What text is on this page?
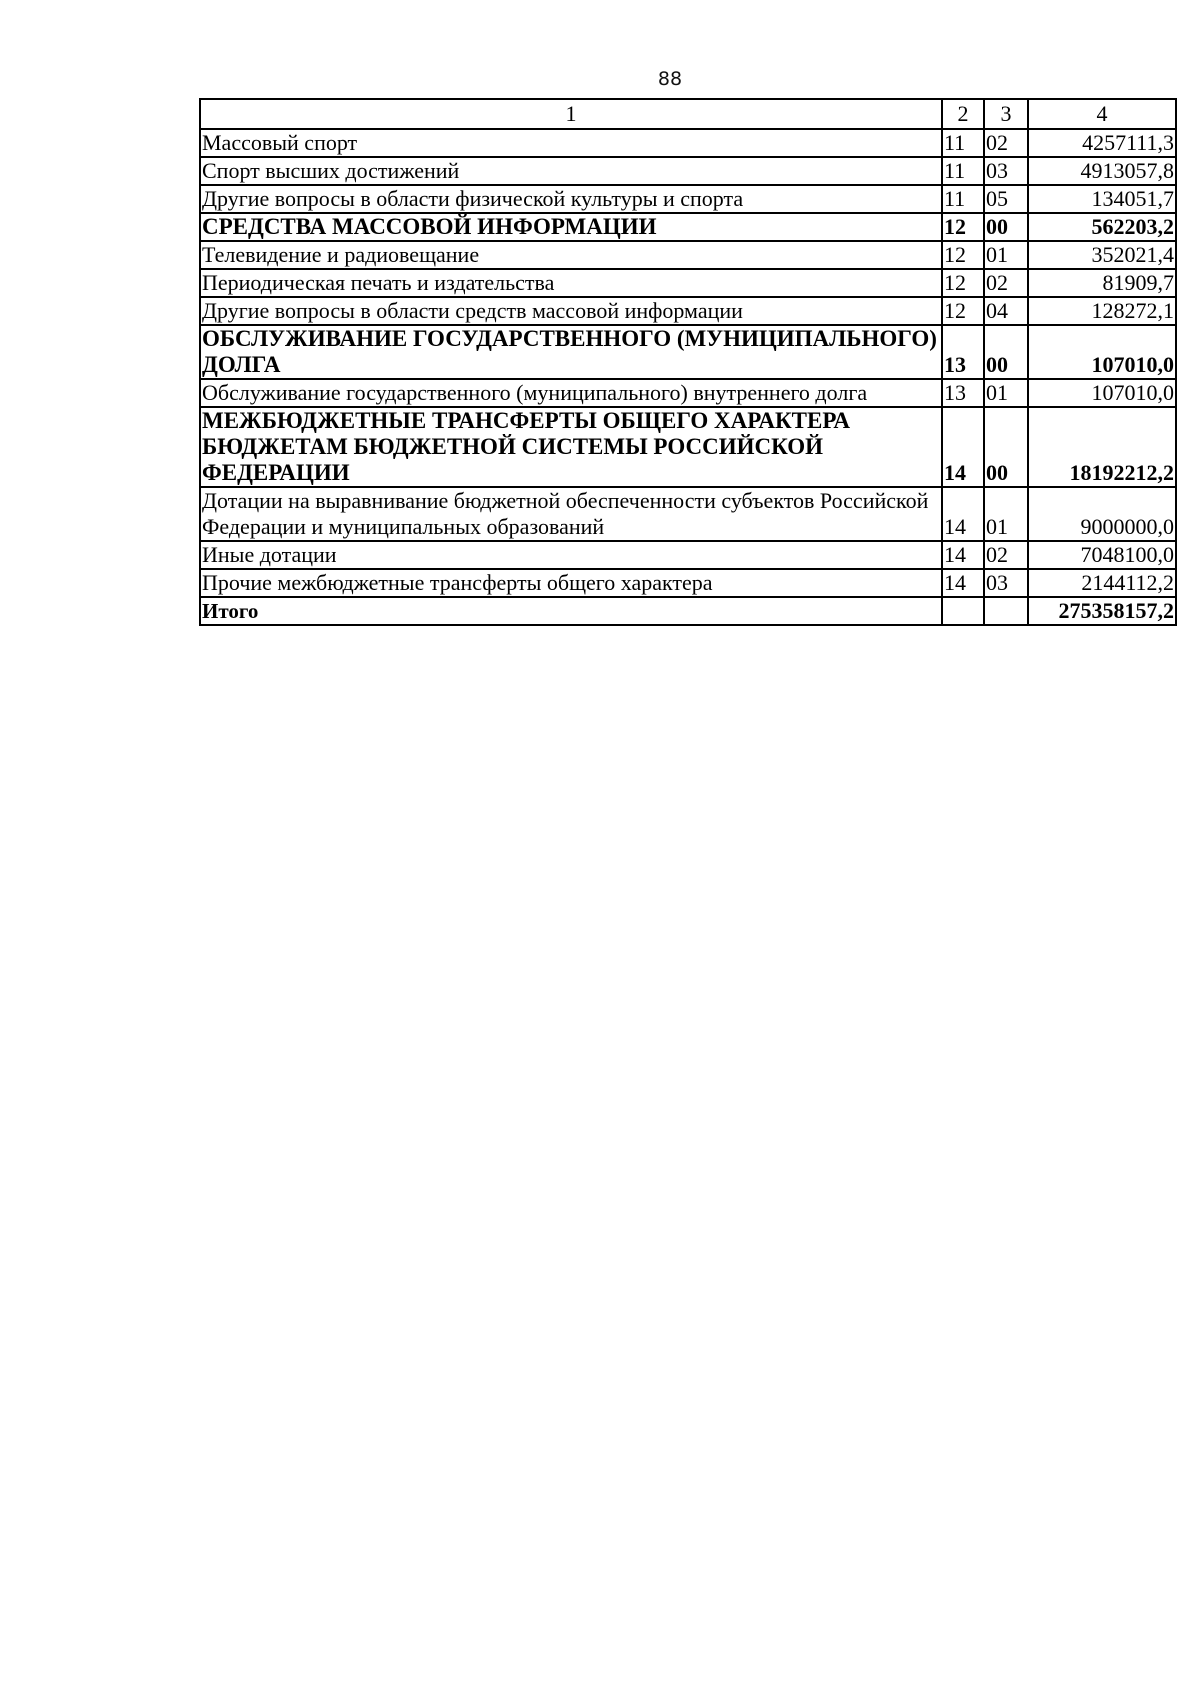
88
1	2	3	4
Массовый спорт	11	02	4257111,3
Спорт высших достижений	11	03	4913057,8
Другие вопросы в области физической культуры и спорта	11	05	134051,7
СРЕДСТВА МАССОВОЙ ИНФОРМАЦИИ	12	00	562203,2
Телевидение и радиовещание	12	01	352021,4
Периодическая печать и издательства	12	02	81909,7
Другие вопросы в области средств массовой информации	12	04	128272,1
ОБСЛУЖИВАНИЕ ГОСУДАРСТВЕННОГО (МУНИЦИПАЛЬНОГО) ДОЛГА	13	00	107010,0
Обслуживание государственного (муниципального) внутреннего долга	13	01	107010,0
МЕЖБЮДЖЕТНЫЕ ТРАНСФЕРТЫ ОБЩЕГО ХАРАКТЕРА БЮДЖЕТАМ БЮДЖЕТНОЙ СИСТЕМЫ РОССИЙСКОЙ ФЕДЕРАЦИИ	14	00	18192212,2
Дотации на выравнивание бюджетной обеспеченности субъектов Российской Федерации и муниципальных образований	14	01	9000000,0
Иные дотации	14	02	7048100,0
Прочие межбюджетные трансферты общего характера	14	03	2144112,2
Итого			275358157,2
